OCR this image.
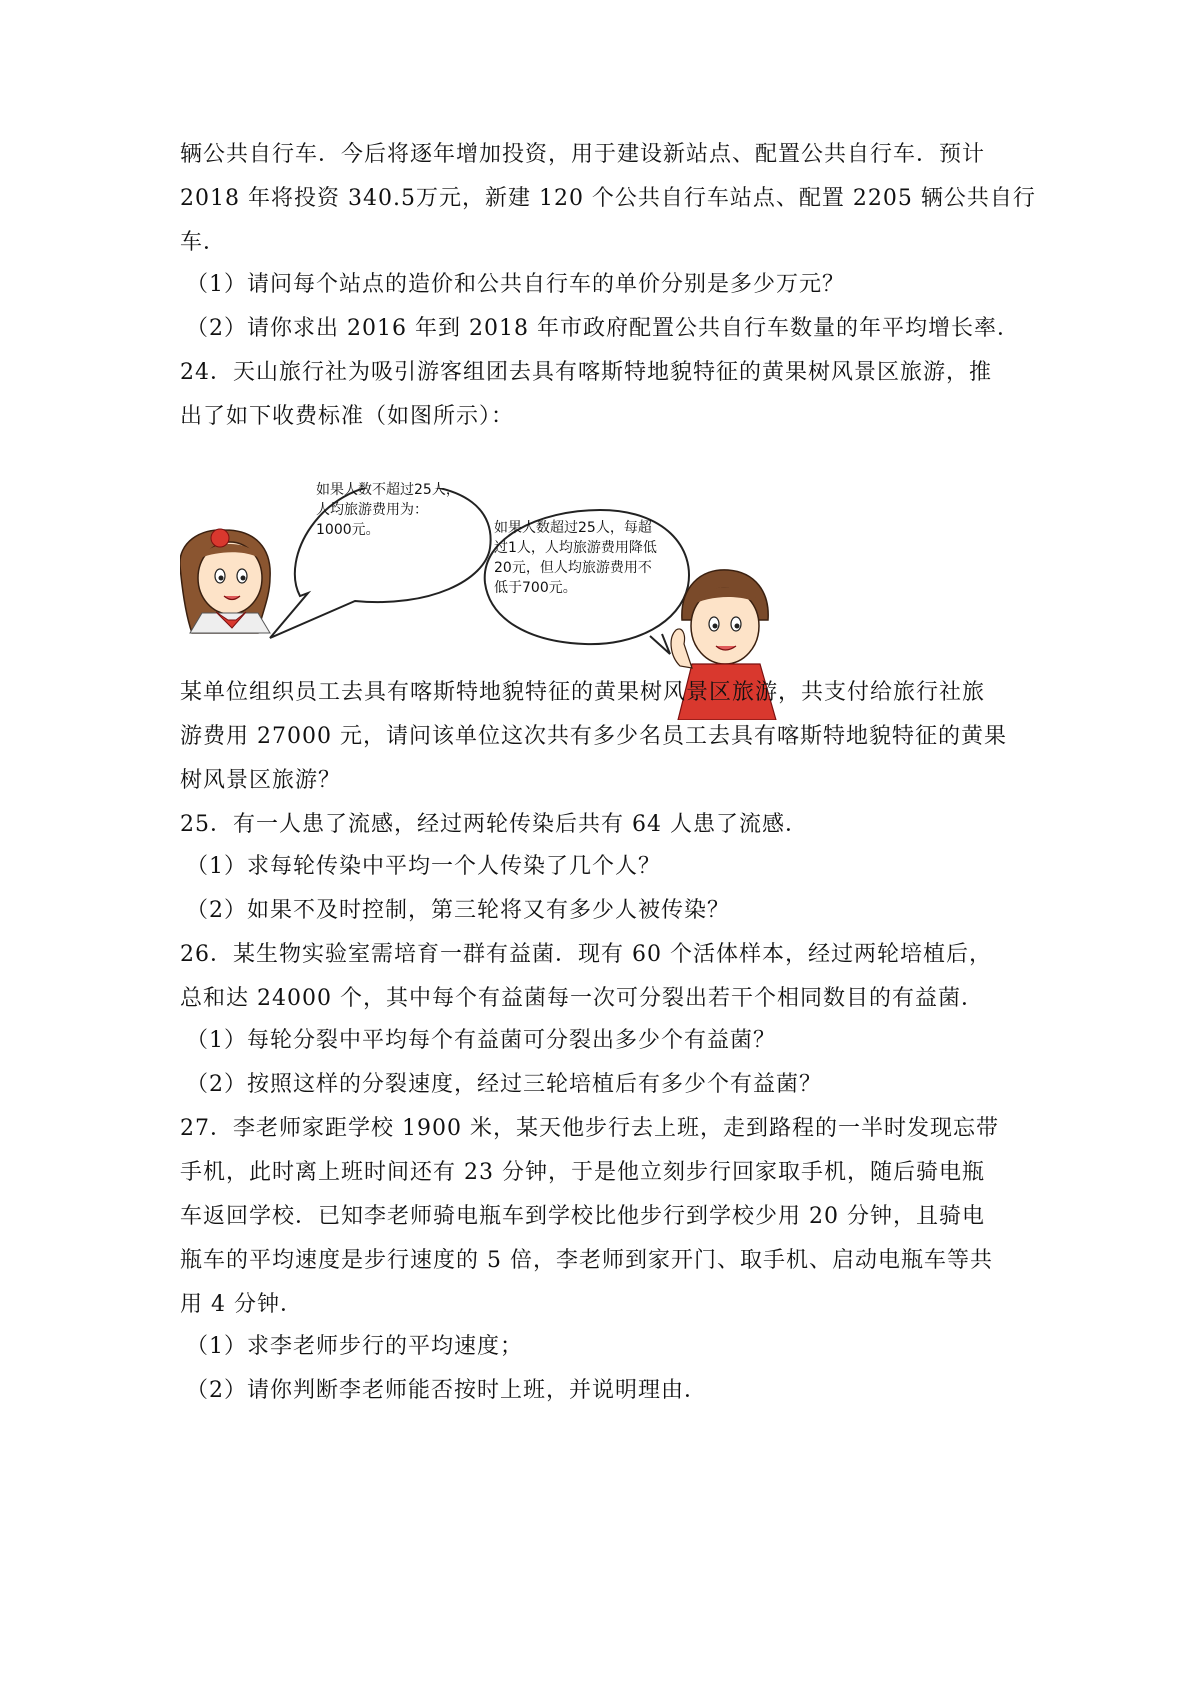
辆公共自行车．今后将逐年增加投资，用于建设新站点、配置公共自行车．预计
2018 年将投资 340.5万元，新建 120 个公共自行车站点、配置 2205 辆公共自行
车．
（1）请问每个站点的造价和公共自行车的单价分别是多少万元？
（2）请你求出 2016 年到 2018 年市政府配置公共自行车数量的年平均增长率．
24．天山旅行社为吸引游客组团去具有喀斯特地貌特征的黄果树风景区旅游，推
出了如下收费标准（如图所示）：
如果人数不超过25人，
人均旅游费用为：
1000元。	如果人数超过25人，每超
过1人，人均旅游费用降低
20元，但人均旅游费用不
低于700元。
某单位组织员工去具有喀斯特地貌特征的黄果树风景区旅游，共支付给旅行社旅
游费用 27000 元，请问该单位这次共有多少名员工去具有喀斯特地貌特征的黄果
树风景区旅游？
25．有一人患了流感，经过两轮传染后共有 64 人患了流感．
（1）求每轮传染中平均一个人传染了几个人？
（2）如果不及时控制，第三轮将又有多少人被传染？
26．某生物实验室需培育一群有益菌．现有 60 个活体样本，经过两轮培植后，
总和达 24000 个，其中每个有益菌每一次可分裂出若干个相同数目的有益菌．
（1）每轮分裂中平均每个有益菌可分裂出多少个有益菌？
（2）按照这样的分裂速度，经过三轮培植后有多少个有益菌？
27．李老师家距学校 1900 米，某天他步行去上班，走到路程的一半时发现忘带
手机，此时离上班时间还有 23 分钟，于是他立刻步行回家取手机，随后骑电瓶
车返回学校．已知李老师骑电瓶车到学校比他步行到学校少用 20 分钟，且骑电
瓶车的平均速度是步行速度的 5 倍，李老师到家开门、取手机、启动电瓶车等共
用 4 分钟．
（1）求李老师步行的平均速度；
（2）请你判断李老师能否按时上班，并说明理由．
